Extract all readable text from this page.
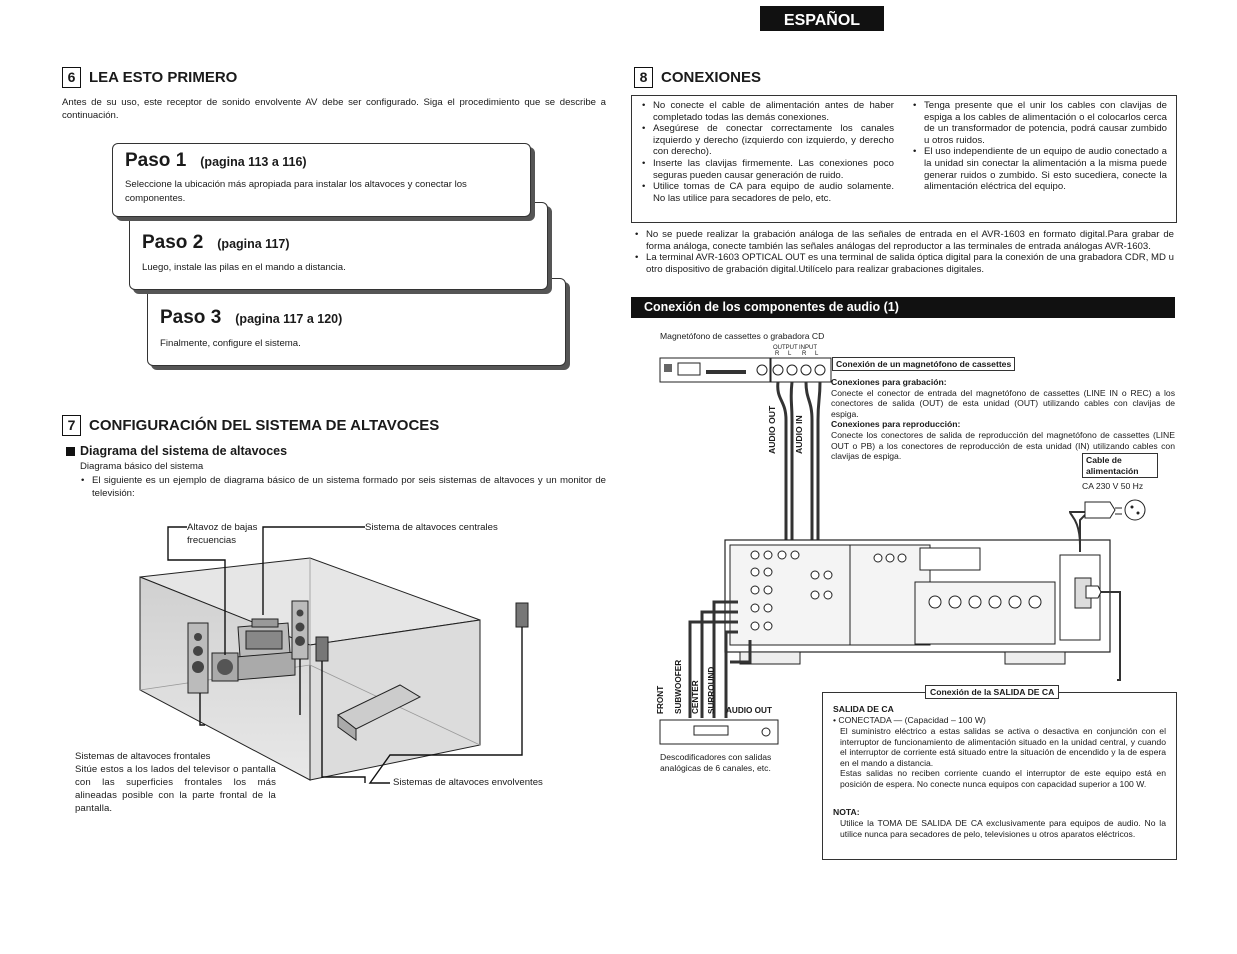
ESPAÑOL
6 LEA ESTO PRIMERO
Antes de su uso, este receptor de sonido envolvente AV debe ser configurado. Siga el procedimiento que se describe a continuación.
Paso 3 (pagina 117 a 120)
Finalmente, configure el sistema.
Paso 2 (pagina 117)
Luego, instale las pilas en el mando a distancia.
Paso 1 (pagina 113 a 116)
Seleccione la ubicación más apropiada para instalar los altavoces y conectar los componentes.
7 CONFIGURACIÓN DEL SISTEMA DE ALTAVOCES
Diagrama del sistema de altavoces
Diagrama básico del sistema
• El siguiente es un ejemplo de diagrama básico de un sistema formado por seis sistemas de altavoces y un monitor de televisión:
Altavoz de bajas frecuencias
Sistema de altavoces centrales
Sistemas de altavoces frontales
Sitúe estos a los lados del televisor o pantalla con las superficies frontales los más alineadas posible con la parte frontal de la pantalla.
Sistemas de altavoces envolventes
8 CONEXIONES
• No conecte el cable de alimentación antes de haber completado todas las demás conexiones.
• Asegúrese de conectar correctamente los canales izquierdo y derecho (izquierdo con izquierdo, y derecho con derecho).
• Inserte las clavijas firmemente. Las conexiones poco seguras pueden causar generación de ruido.
• Utilice tomas de CA para equipo de audio solamente. No las utilice para secadores de pelo, etc.
• Tenga presente que el unir los cables con clavijas de espiga a los cables de alimentación o el colocarlos cerca de un transformador de potencia, podrá causar zumbido u otros ruidos.
• El uso independiente de un equipo de audio conectado a la unidad sin conectar la alimentación a la misma puede generar ruidos o zumbido. Si esto sucediera, conecte la alimentación eléctrica del equipo.
• No se puede realizar la grabación análoga de las señales de entrada en el AVR-1603 en formato digital.Para grabar de forma análoga, conecte también las señales análogas del reproductor a las terminales de entrada análogas AVR-1603.
• La terminal AVR-1603 OPTICAL OUT es una terminal de salida óptica digital para la conexión de una grabadora CDR, MD u otro dispositivo de grabación digital.Utilícelo para realizar grabaciones digitales.
Conexión de los componentes de audio (1)
Magnetófono de cassettes o grabadora CD
OUTPUT INPUT
R L R L
Conexión de un magnetófono de cassettes
Conexiones para grabación:
Conecte el conector de entrada del magnetófono de cassettes (LINE IN o REC) a los conectores de salida (OUT) de esta unidad (OUT) utilizando cables con clavijas de espiga.
Conexiones para reproducción:
Conecte los conectores de salida de reproducción del magnetófono de cassettes (LINE OUT o PB) a los conectores de reproducción de esta unidad (IN) utilizando cables con clavijas de espiga.
AUDIO OUT AUDIO IN
Cable de alimentación
CA 230 V 50 Hz
FRONT SUBWOOFER CENTER SURROUND AUDIO OUT
Descodificadores con salidas analógicas de 6 canales, etc.
SALIDA DE CA
• CONECTADA — (Capacidad – 100 W)
El suministro eléctrico a estas salidas se activa o desactiva en conjunción con el interruptor de funcionamiento de alimentación situado en la unidad central, y cuando el interruptor de corriente está situado entre la situación de encendido y la de espera en el mando a distancia.
Estas salidas no reciben corriente cuando el interruptor de este equipo está en posición de espera. No conecte nunca equipos con capacidad superior a 100 W.
NOTA:
Utilice la TOMA DE SALIDA DE CA exclusivamente para equipos de audio. No la utilice nunca para secadores de pelo, televisiones u otros aparatos eléctricos.
Conexión de la SALIDA DE CA
